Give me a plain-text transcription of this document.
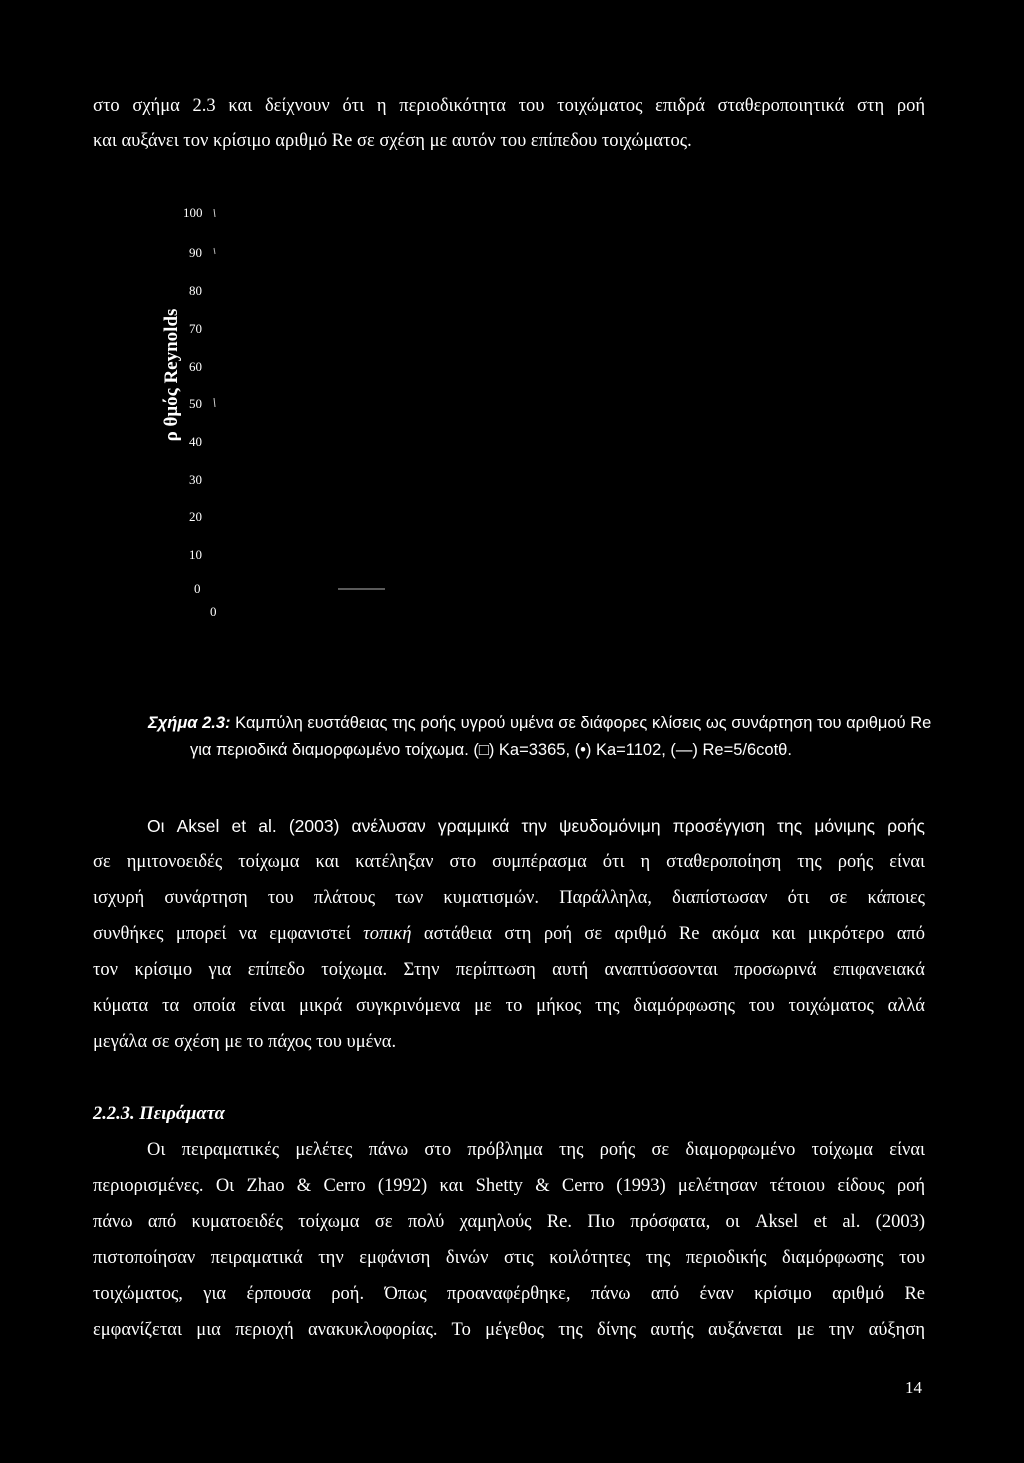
στο σχήμα 2.3 και δείχνουν ότι η περιοδικότητα του τοιχώματος επιδρά σταθεροποιητικά στη ροή
και αυξάνει τον κρίσιμο αριθμό Re σε σχέση με αυτόν του επίπεδου τοιχώματος.
ρ θμός Reynolds
100
90
80
70
60
50
40
30
20
10
0
0
Σχήμα 2.3: Καμπύλη ευστάθειας της ροής υγρού υμένα σε διάφορες κλίσεις ως συνάρτηση του αριθμού Re
για περιοδικά διαμορφωμένο τοίχωμα. (□) Ka=3365, (•) Ka=1102, (—) Re=5/6cotθ.
Οι Aksel et al. (2003) ανέλυσαν γραμμικά την ψευδομόνιμη προσέγγιση της μόνιμης ροής
σε ημιτονοειδές τοίχωμα και κατέληξαν στο συμπέρασμα ότι η σταθεροποίηση της ροής είναι
ισχυρή συνάρτηση του πλάτους των κυματισμών. Παράλληλα, διαπίστωσαν ότι σε κάποιες
συνθήκες μπορεί να εμφανιστεί τοπική αστάθεια στη ροή σε αριθμό Re ακόμα και μικρότερο από
τον κρίσιμο για επίπεδο τοίχωμα. Στην περίπτωση αυτή αναπτύσσονται προσωρινά επιφανειακά
κύματα τα οποία είναι μικρά συγκρινόμενα με το μήκος της διαμόρφωσης του τοιχώματος αλλά
μεγάλα σε σχέση με το πάχος του υμένα.
2.2.3. Πειράματα
Οι πειραματικές μελέτες πάνω στο πρόβλημα της ροής σε διαμορφωμένο τοίχωμα είναι
περιορισμένες. Οι Zhao & Cerro (1992) και Shetty & Cerro (1993) μελέτησαν τέτοιου είδους ροή
πάνω από κυματοειδές τοίχωμα σε πολύ χαμηλούς Re. Πιο πρόσφατα, οι Aksel et al. (2003)
πιστοποίησαν πειραματικά την εμφάνιση δινών στις κοιλότητες της περιοδικής διαμόρφωσης του
τοιχώματος, για έρπουσα ροή. Όπως προαναφέρθηκε, πάνω από έναν κρίσιμο αριθμό Re
εμφανίζεται μια περιοχή ανακυκλοφορίας. Το μέγεθος της δίνης αυτής αυξάνεται με την αύξηση
14
